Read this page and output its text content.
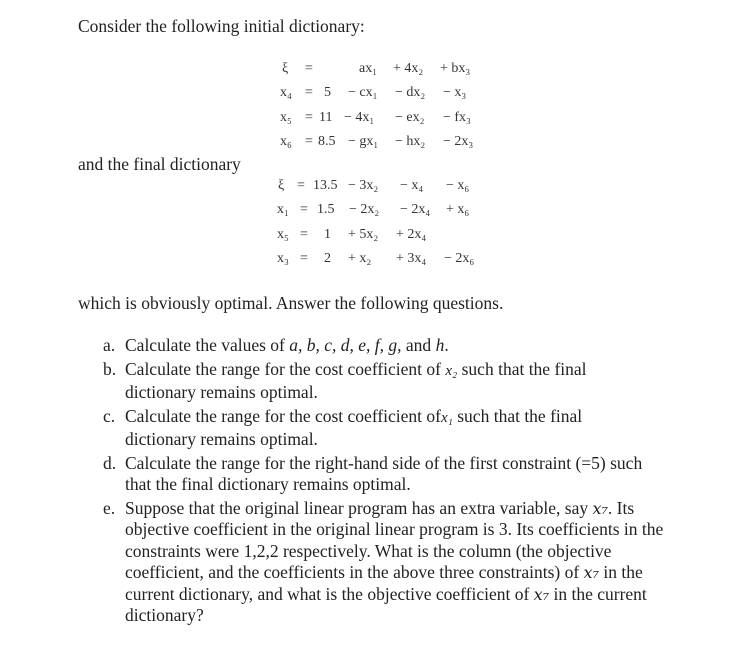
Consider the following initial dictionary:
ξ =	ax₁ + 4x₂ + bx₃
x₄ = 5 − cx₁ − dx₂ − x₃
x₅ = 11 − 4x₁ − ex₂ − fx₃
x₆ = 8.5 − gx₁ − hx₂ − 2x₃
and the final dictionary
ξ = 13.5 − 3x₂ − x₄ − x₆
x₁ = 1.5 − 2x₂ − 2x₄ + x₆
x₅ = 1 + 5x₂ + 2x₄
x₃ = 2 + x₂ + 3x₄ − 2x₆
which is obviously optimal. Answer the following questions.
a. Calculate the values of a, b, c, d, e, f, g, and h.
b. Calculate the range for the cost coefficient of x₂ such that the final
dictionary remains optimal.
c. Calculate the range for the cost coefficient ofx₁ such that the final
dictionary remains optimal.
d. Calculate the range for the right-hand side of the first constraint (=5) such
that the final dictionary remains optimal.
e. Suppose that the original linear program has an extra variable, say x₇. Its objective coefficient in the original linear program is 3. Its coefficients in the constraints were 1,2,2 respectively. What is the column (the objective coefficient, and the coefficients in the above three constraints) of x₇ in the current dictionary, and what is the objective coefficient of x₇ in the current dictionary?
